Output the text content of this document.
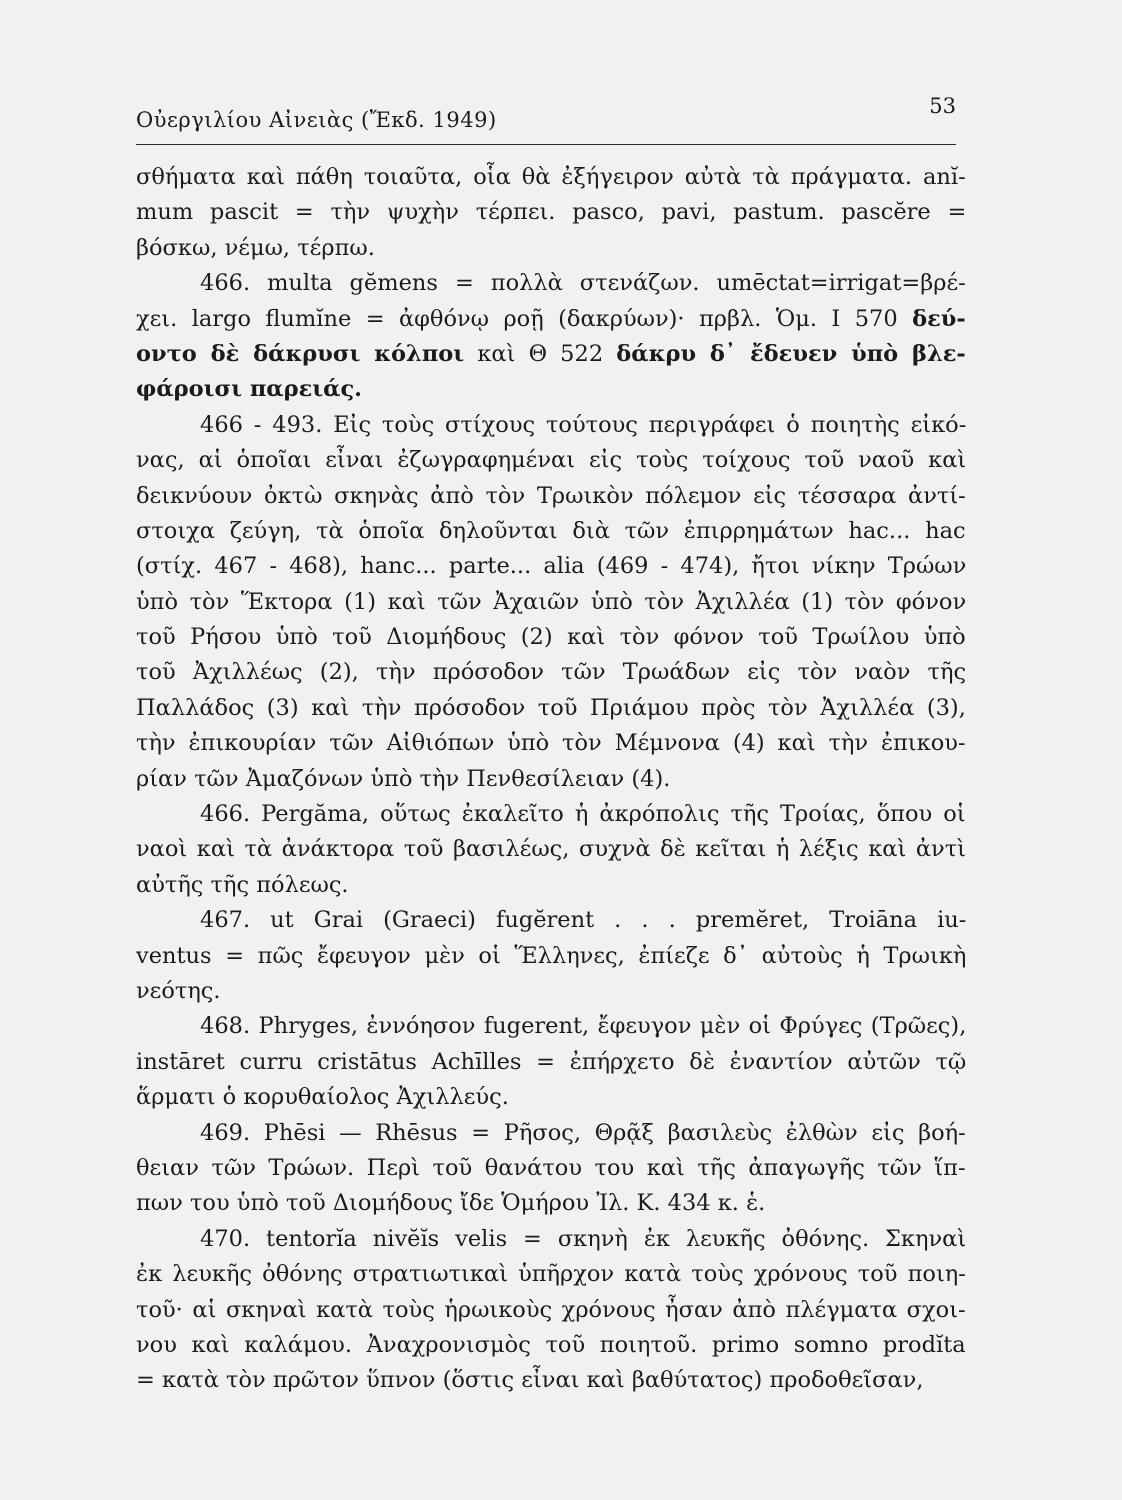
Οὐεργιλίου Αἰνειὰς (Ἔκδ. 1949)
53
σθήματα καὶ πάθη τοιαῦτα, οἷα θὰ ἐξήγειρον αὐτὰ τὰ πράγματα. anĭ-
mum pascit = τὴν ψυχὴν τέρπει. pasco, pavi, pastum. pascĕre =
βόσκω, νέμω, τέρπω.
466. multa gĕmens = πολλὰ στενάζων. umēctat=irrigat=βρέ-
χει. largo flumĭne = ἀφθόνῳ ροῇ (δακρύων)· πρβλ. Ὁμ. I 570 δεύ-
οντο δὲ δάκρυσι κόλποι καὶ Θ 522 δάκρυ δ᾽ ἔδευεν ὑπὸ βλε-
φάροισι παρειάς.
466 - 493. Εἰς τοὺς στίχους τούτους περιγράφει ὁ ποιητὴς εἰκό-
νας, αἱ ὁποῖαι εἶναι ἐζωγραφημέναι εἰς τοὺς τοίχους τοῦ ναοῦ καὶ
δεικνύουν ὀκτὼ σκηνὰς ἀπὸ τὸν Τρωικὸν πόλεμον εἰς τέσσαρα ἀντί-
στοιχα ζεύγη, τὰ ὁποῖα δηλοῦνται διὰ τῶν ἐπιρρημάτων hac... hac
(στίχ. 467 - 468), hanc... parte... alia (469 - 474), ἤτοι νίκην Τρώων
ὑπὸ τὸν Ἕκτορα (1) καὶ τῶν Ἀχαιῶν ὑπὸ τὸν Ἀχιλλέα (1) τὸν φόνον
τοῦ Ρήσου ὑπὸ τοῦ Διομήδους (2) καὶ τὸν φόνον τοῦ Τρωίλου ὑπὸ
τοῦ Ἀχιλλέως (2), τὴν πρόσοδον τῶν Τρωάδων εἰς τὸν ναὸν τῆς
Παλλάδος (3) καὶ τὴν πρόσοδον τοῦ Πριάμου πρὸς τὸν Ἀχιλλέα (3),
τὴν ἐπικουρίαν τῶν Αἰθιόπων ὑπὸ τὸν Μέμνονα (4) καὶ τὴν ἐπικου-
ρίαν τῶν Ἀμαζόνων ὑπὸ τὴν Πενθεσίλειαν (4).
466. Pergăma, οὕτως ἐκαλεῖτο ἡ ἀκρόπολις τῆς Τροίας, ὅπου οἱ
ναοὶ καὶ τὰ ἀνάκτορα τοῦ βασιλέως, συχνὰ δὲ κεῖται ἡ λέξις καὶ ἀντὶ
αὐτῆς τῆς πόλεως.
467. ut Grai (Graeci) fugĕrent . . . premĕret, Troiāna iu-
ventus = πῶς ἔφευγον μὲν οἱ Ἕλληνες, ἐπίεζε δ᾽ αὐτοὺς ἡ Τρωικὴ
νεότης.
468. Phryges, ἐννόησον fugerent, ἔφευγον μὲν οἱ Φρύγες (Τρῶες),
instāret curru cristātus Achīlles = ἐπήρχετο δὲ ἐναντίον αὐτῶν τῷ
ἅρματι ὁ κορυθαίολος Ἀχιλλεύς.
469. Phēsi — Rhēsus = Ρῆσος, Θρᾷξ βασιλεὺς ἐλθὼν εἰς βοή-
θειαν τῶν Τρώων. Περὶ τοῦ θανάτου του καὶ τῆς ἀπαγωγῆς τῶν ἵπ-
πων του ὑπὸ τοῦ Διομήδους ἴδε Ὁμήρου Ἰλ. Κ. 434 κ. ἑ.
470. tentorĭa nivĕĭs velis = σκηνὴ ἐκ λευκῆς ὀθόνης. Σκηναὶ
ἐκ λευκῆς ὀθόνης στρατιωτικαὶ ὑπῆρχον κατὰ τοὺς χρόνους τοῦ ποιη-
τοῦ· αἱ σκηναὶ κατὰ τοὺς ἡρωικοὺς χρόνους ἦσαν ἀπὸ πλέγματα σχοι-
νου καὶ καλάμου. Ἀναχρονισμὸς τοῦ ποιητοῦ. primo somno prodĭta
= κατὰ τὸν πρῶτον ὕπνον (ὅστις εἶναι καὶ βαθύτατος) προδοθεῖσαν,
